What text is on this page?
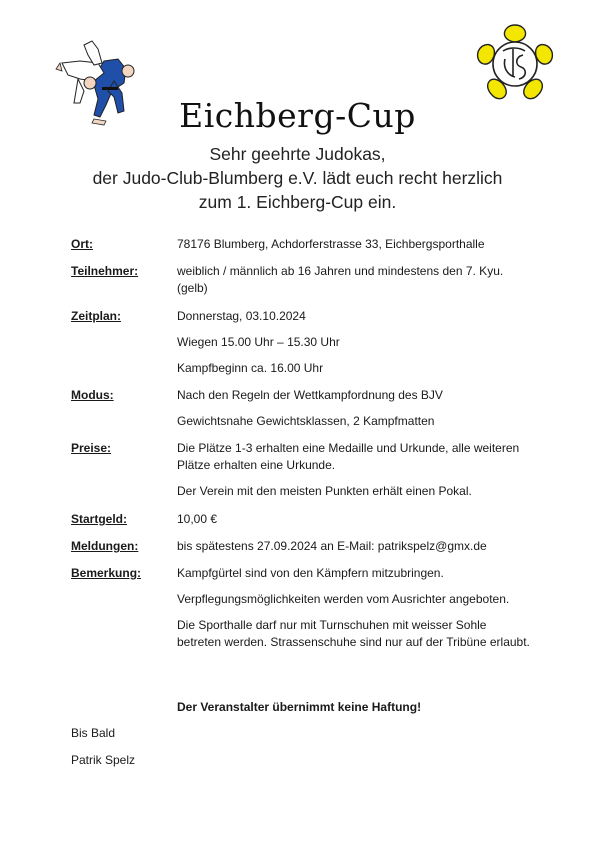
Eichberg-Cup
Sehr geehrte Judokas,
der Judo-Club-Blumberg e.V. lädt euch recht herzlich
zum 1. Eichberg-Cup ein.
Ort:	78176 Blumberg, Achdorferstrasse 33, Eichbergsporthalle

Teilnehmer:	weiblich / männlich ab 16 Jahren und mindestens den 7. Kyu. (gelb)

Zeitplan:	Donnerstag, 03.10.2024

Wiegen 15.00 Uhr – 15.30 Uhr

Kampfbeginn ca. 16.00 Uhr

Modus:	Nach den Regeln der Wettkampfordnung des BJV

Gewichtsnahe Gewichtsklassen, 2 Kampfmatten

Preise:	Die Plätze 1-3 erhalten eine Medaille und Urkunde, alle weiteren Plätze erhalten eine Urkunde.

Der Verein mit den meisten Punkten erhält einen Pokal.

Startgeld:	10,00 €

Meldungen:	bis spätestens 27.09.2024 an E-Mail: patrikspelz@gmx.de

Bemerkung:	Kampfgürtel sind von den Kämpfern mitzubringen.

Verpflegungsmöglichkeiten werden vom Ausrichter angeboten.

Die Sporthalle darf nur mit Turnschuhen mit weisser Sohle betreten werden. Strassenschuhe sind nur auf der Tribüne erlaubt.

Der Veranstalter übernimmt keine Haftung!
Bis Bald
Patrik Spelz
